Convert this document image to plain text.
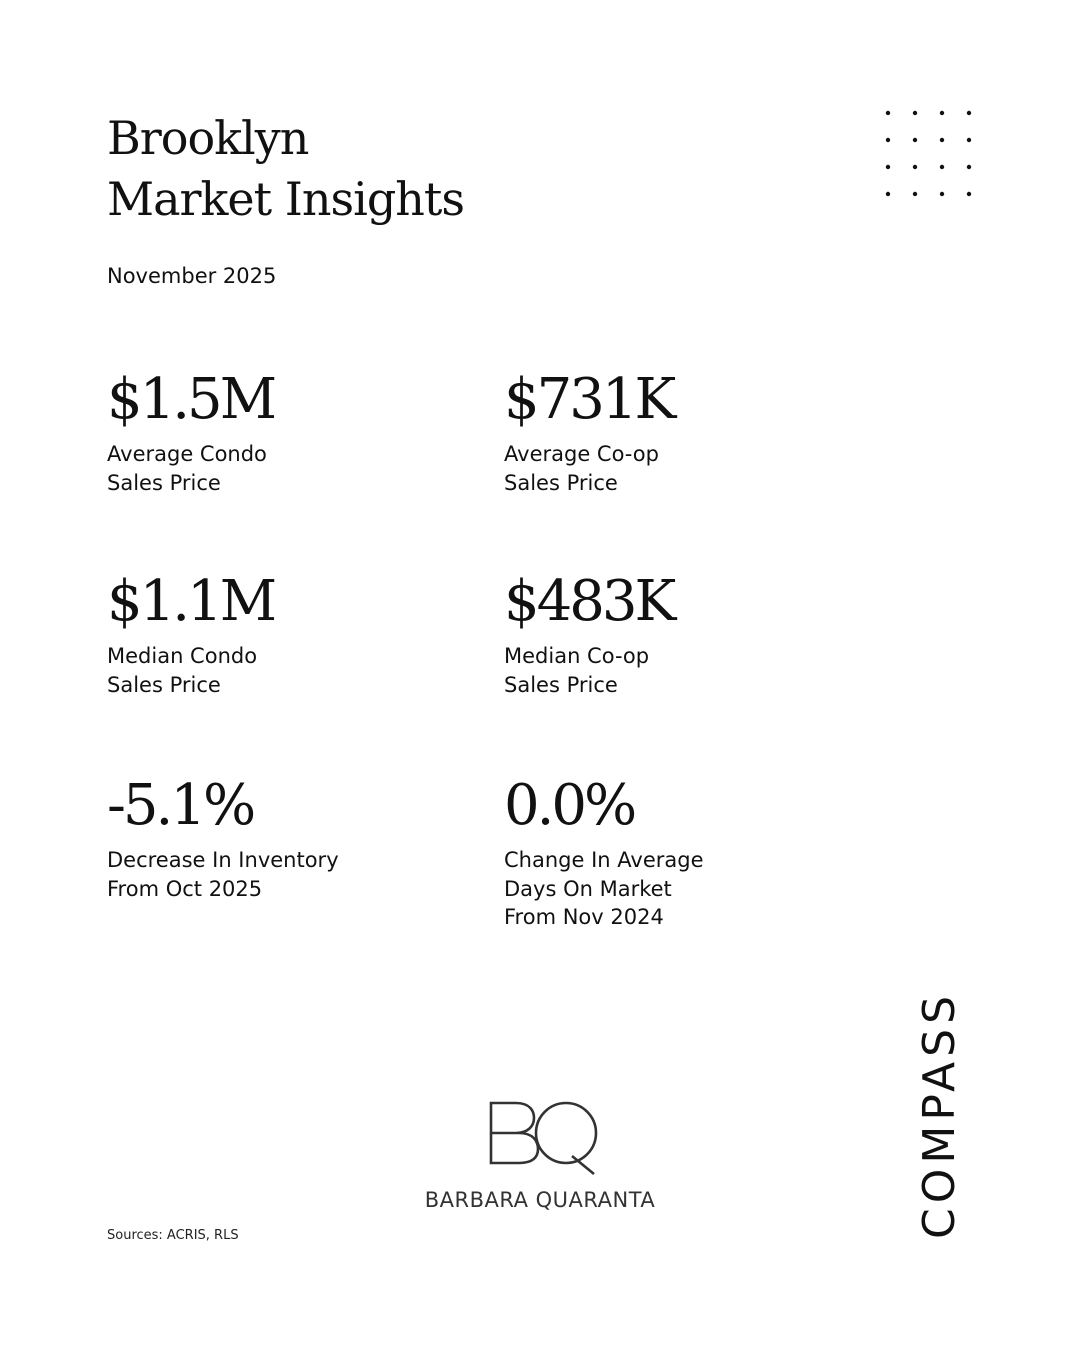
Brooklyn
Market Insights
November 2025
$1.5M
Average Condo
Sales Price
$731K
Average Co-op
Sales Price
$1.1M
Median Condo
Sales Price
$483K
Median Co-op
Sales Price
-5.1%
Decrease In Inventory
From Oct 2025
0.0%
Change In Average
Days On Market
From Nov 2024
BARBARA QUARANTA	COMPASS
Sources: ACRIS, RLS
